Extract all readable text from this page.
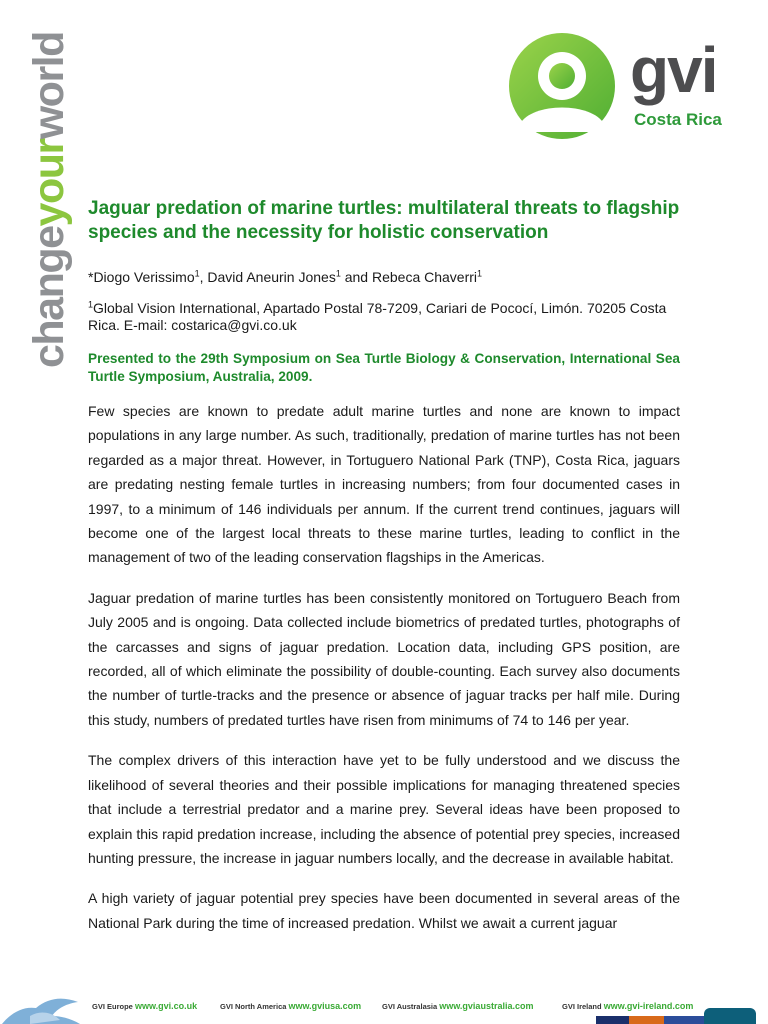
changeyourworld	gvi
Costa Rica
Jaguar predation of marine turtles: multilateral threats to flagship species and the necessity for holistic conservation
*Diogo Verissimo$^1$, David Aneurin Jones$^1$ and Rebeca Chaverri$^1$
$^1$Global Vision International, Apartado Postal 78-7209, Cariari de Pococí, Limón. 70205 Costa Rica. E-mail: costarica@gvi.co.uk
Presented to the 29th Symposium on Sea Turtle Biology & Conservation, International Sea Turtle Symposium, Australia, 2009.

Few species are known to predate adult marine turtles and none are known to impact populations in any large number. As such, traditionally, predation of marine turtles has not been regarded as a major threat. However, in Tortuguero National Park (TNP), Costa Rica, jaguars are predating nesting female turtles in increasing numbers; from four documented cases in 1997, to a minimum of 146 individuals per annum. If the current trend continues, jaguars will become one of the largest local threats to these marine turtles, leading to conflict in the management of two of the leading conservation flagships in the Americas.

Jaguar predation of marine turtles has been consistently monitored on Tortuguero Beach from July 2005 and is ongoing. Data collected include biometrics of predated turtles, photographs of the carcasses and signs of jaguar predation. Location data, including GPS position, are recorded, all of which eliminate the possibility of double-counting. Each survey also documents the number of turtle-tracks and the presence or absence of jaguar tracks per half mile. During this study, numbers of predated turtles have risen from minimums of 74 to 146 per year.

The complex drivers of this interaction have yet to be fully understood and we discuss the likelihood of several theories and their possible implications for managing threatened species that include a terrestrial predator and a marine prey. Several ideas have been proposed to explain this rapid predation increase, including the absence of potential prey species, increased hunting pressure, the increase in jaguar numbers locally, and the decrease in available habitat.

A high variety of jaguar potential prey species have been documented in several areas of the National Park during the time of increased predation. Whilst we await a current jaguar

GVI Europe www.gvi.co.uk	GVI North America www.gviusa.com	GVI Australasia www.gviaustralia.com	GVI Ireland www.gvi-ireland.com
